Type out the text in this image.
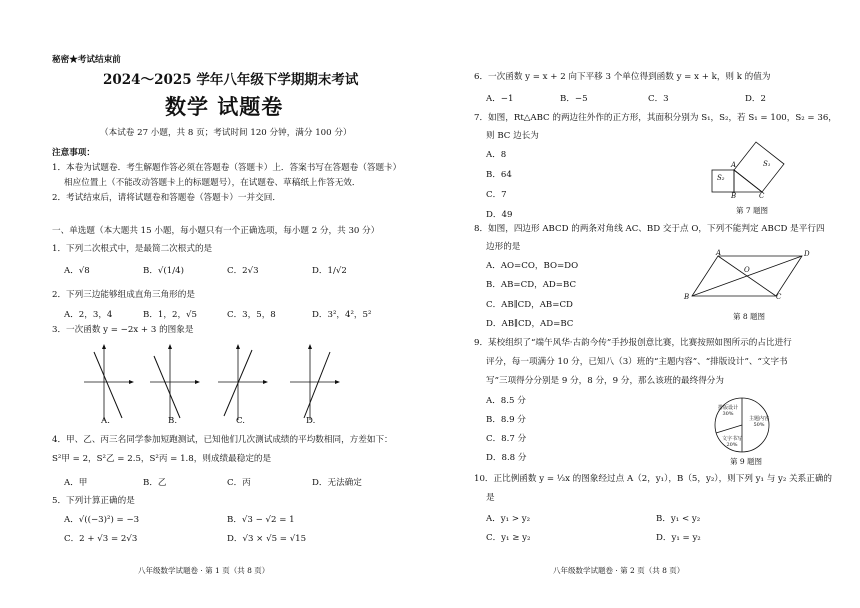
秘密★考试结束前
2024～2025 学年八年级下学期期末考试
数学 试题卷
（本试卷 27 小题，共 8 页；考试时间 120 分钟，满分 100 分）
注意事项：
1．本卷为试题卷．考生解题作答必须在答题卷（答题卡）上．答案书写在答题卷（答题卡）
相应位置上（不能改动答题卡上的标题题号），在试题卷、草稿纸上作答无效．
2．考试结束后，请将试题卷和答题卷（答题卡）一并交回．
一、单选题（本大题共 15 小题，每小题只有一个正确选项，每小题 2 分，共 30 分）
1．下列二次根式中，是最简二次根式的是
A．√8	B．√(1/4)	C．2√3	D．1/√2
2．下列三边能够组成直角三角形的是
A．2，3，4	B．1，2，√5	C．3，5，8	D．3²，4²，5²
3．一次函数 y = −2x + 3 的图象是
A.	B.	C.	D.
4．甲、乙、丙三名同学参加短跑测试，已知他们几次测试成绩的平均数相同，方差如下：
S²甲 = 2，S²乙 = 2.5，S²丙 = 1.8，则成绩最稳定的是
A．甲	B．乙	C．丙	D．无法确定
5．下列计算正确的是
A．√((−3)²) = −3	B．√3 − √2 = 1
C．2 + √3 = 2√3	D．√3 × √5 = √15
八年级数学试题卷 · 第 1 页（共 8 页）
6．一次函数 y = x + 2 向下平移 3 个单位得到函数 y = x + k，则 k 的值为
A．−1	B．−5	C．3	D．2
7．如图，Rt△ABC 的两边往外作的正方形，其面积分别为 S₁，S₂，若 S₁ = 100，S₂ = 36，
则 BC 边长为
A．8
B．64
C．7
D．49
A
B	C
S₁
S₂
第 7 题图
8．如图，四边形 ABCD 的两条对角线 AC、BD 交于点 O，下列不能判定 ABCD 是平行四
边形的是
A．AO=CO，BO=DO
B．AB=CD，AD=BC
C．AB∥CD，AB=CD
D．AB∥CD，AD=BC
A
B	C
D
O
第 8 题图
9．某校组织了“端午风华·古韵今传”手抄报创意比赛，比赛按照如图所示的占比进行
评分，每一项满分 10 分，已知八（3）班的“主题内容”、“排版设计”、“文字书
写”三项得分分别是 9 分，8 分，9 分，那么该班的最终得分为
A．8.5 分
B．8.9 分
C．8.7 分
D．8.8 分
排版设计 30%
主题内容 50%
文字书写 20%
第 9 题图
10．正比例函数 y = ⅓x 的图象经过点 A（2，y₁），B（5，y₂），则下列 y₁ 与 y₂ 关系正确的
是
A．y₁ > y₂	B．y₁ < y₂
C．y₁ ≥ y₂	D．y₁ = y₂
八年级数学试题卷 · 第 2 页（共 8 页）
